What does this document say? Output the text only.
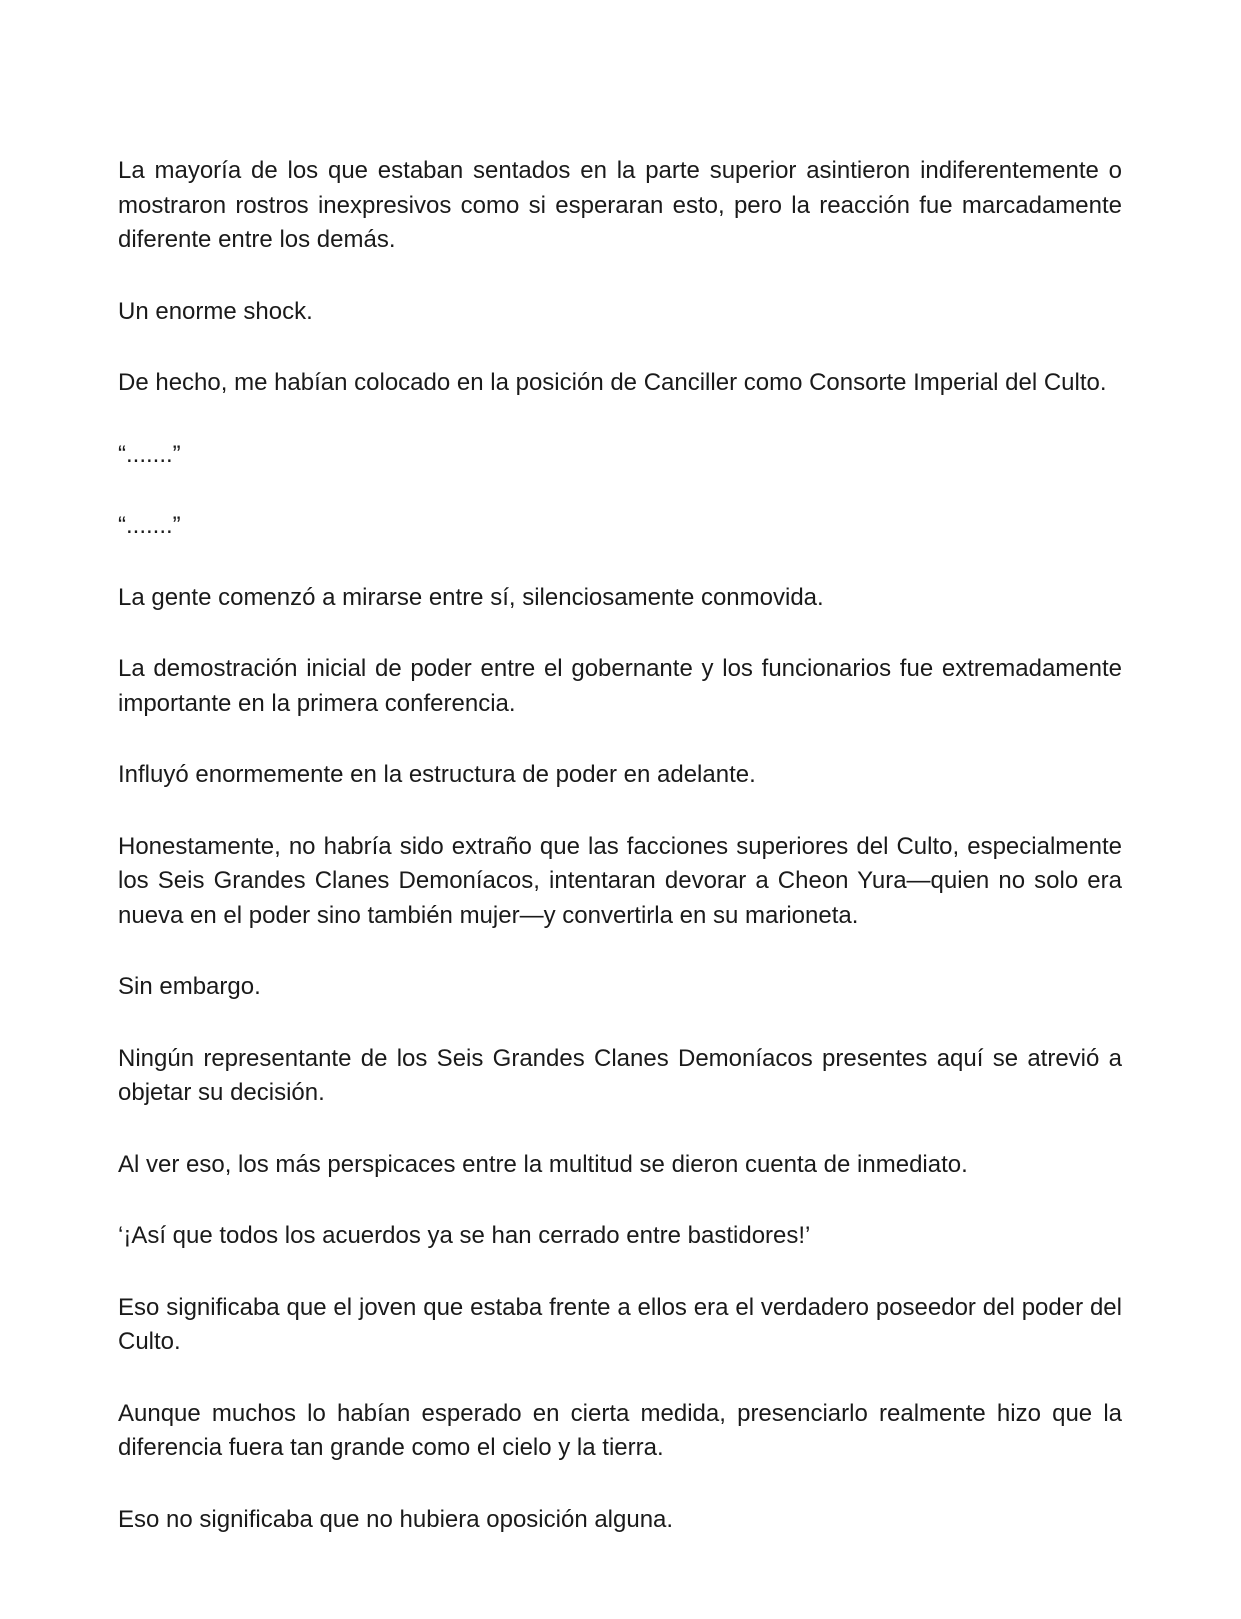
La mayoría de los que estaban sentados en la parte superior asintieron indiferentemente o mostraron rostros inexpresivos como si esperaran esto, pero la reacción fue marcadamente diferente entre los demás.

Un enorme shock.

De hecho, me habían colocado en la posición de Canciller como Consorte Imperial del Culto.

“.......”

“.......”

La gente comenzó a mirarse entre sí, silenciosamente conmovida.

La demostración inicial de poder entre el gobernante y los funcionarios fue extremadamente importante en la primera conferencia.

Influyó enormemente en la estructura de poder en adelante.

Honestamente, no habría sido extraño que las facciones superiores del Culto, especialmente los Seis Grandes Clanes Demoníacos, intentaran devorar a Cheon Yura—quien no solo era nueva en el poder sino también mujer—y convertirla en su marioneta.

Sin embargo.

Ningún representante de los Seis Grandes Clanes Demoníacos presentes aquí se atrevió a objetar su decisión.

Al ver eso, los más perspicaces entre la multitud se dieron cuenta de inmediato.

‘¡Así que todos los acuerdos ya se han cerrado entre bastidores!’

Eso significaba que el joven que estaba frente a ellos era el verdadero poseedor del poder del Culto.

Aunque muchos lo habían esperado en cierta medida, presenciarlo realmente hizo que la diferencia fuera tan grande como el cielo y la tierra.

Eso no significaba que no hubiera oposición alguna.
